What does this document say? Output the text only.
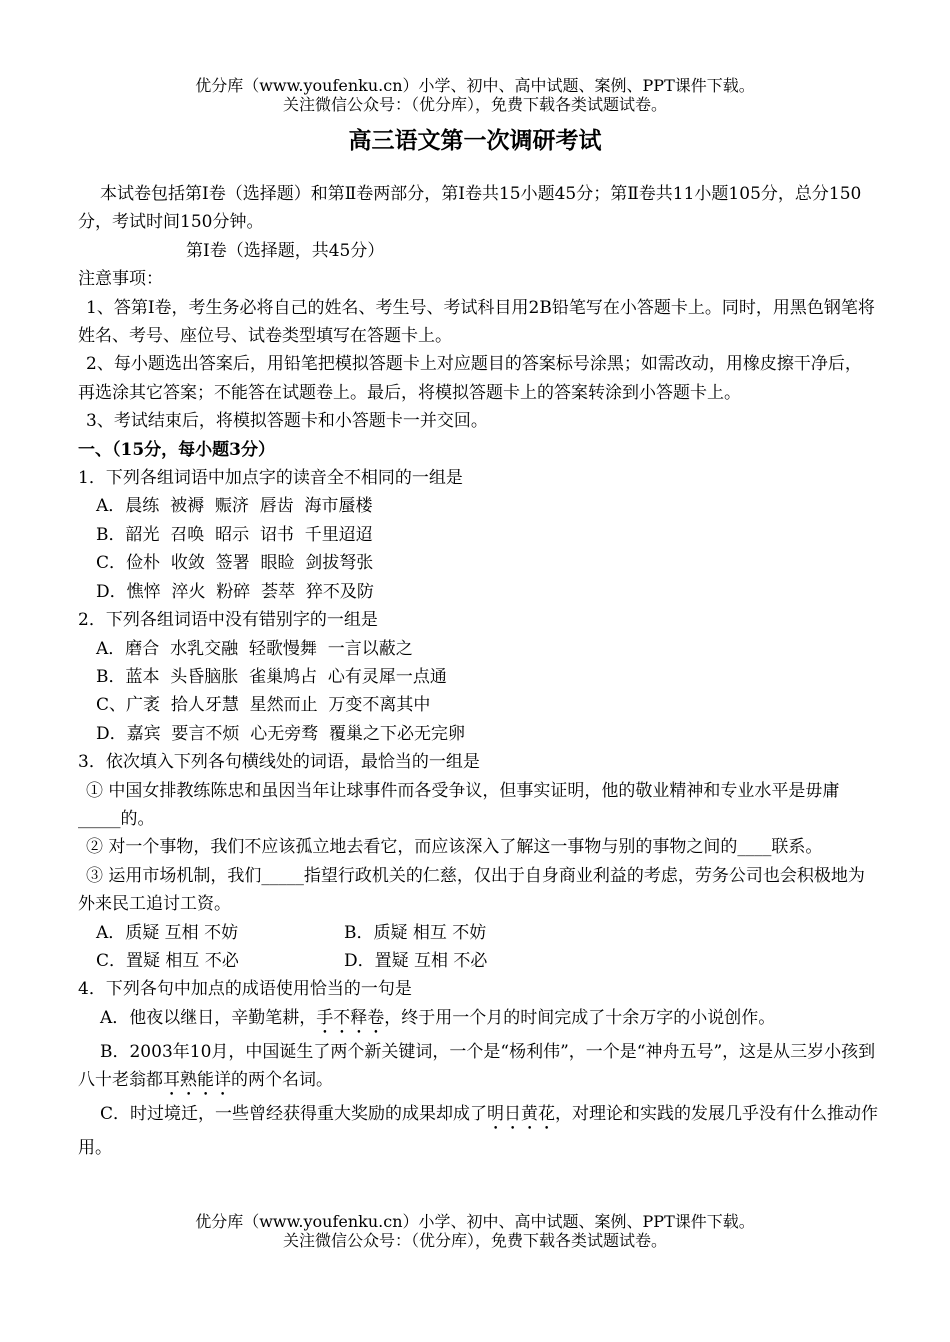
优分库（www.youfenku.cn）小学、初中、高中试题、案例、PPT课件下载。
关注微信公众号：（优分库），免费下载各类试题试卷。
高三语文第一次调研考试

本试卷包括第Ⅰ卷（选择题）和第Ⅱ卷两部分，第Ⅰ卷共15小题45分；第Ⅱ卷共11小题105分，总分150分，考试时间150分钟。

第Ⅰ卷（选择题，共45分）

注意事项：

1、答第I卷，考生务必将自己的姓名、考生号、考试科目用2B铅笔写在小答题卡上。同时，用黑色钢笔将姓名、考号、座位号、试卷类型填写在答题卡上。

2、每小题选出答案后，用铅笔把模拟答题卡上对应题目的答案标号涂黑；如需改动，用橡皮擦干净后，再选涂其它答案；不能答在试题卷上。最后，将模拟答题卡上的答案转涂到小答题卡上。

3、考试结束后，将模拟答题卡和小答题卡一并交回。

一、（15分，每小题3分）

1．下列各组词语中加点字的读音全不相同的一组是

A．晨练 被褥 赈济 唇齿 海市蜃楼

B．韶光 召唤 昭示 诏书 千里迢迢

C．俭朴 收敛 签署 眼睑 剑拔弩张

D．憔悴 淬火 粉碎 荟萃 猝不及防

2．下列各组词语中没有错别字的一组是

A．磨合  水乳交融  轻歌慢舞  一言以蔽之

B．蓝本  头昏脑胀  雀巢鸠占  心有灵犀一点通

C、广袤  拾人牙慧  星然而止  万变不离其中

D．嘉宾  要言不烦  心无旁骛  覆巢之下必无完卵

3．依次填入下列各句横线处的词语，最恰当的一组是

① 中国女排教练陈忠和虽因当年让球事件而各受争议，但事实证明，他的敬业精神和专业水平是毋庸_____的。

② 对一个事物，我们不应该孤立地去看它，而应该深入了解这一事物与别的事物之间的____联系。

③ 运用市场机制，我们_____指望行政机关的仁慈，仅出于自身商业利益的考虑，劳务公司也会积极地为外来民工追讨工资。

A．质疑 互相 不妨	B．质疑 相互 不妨
C．置疑 相互 不必	D．置疑 互相 不必

4．下列各句中加点的成语使用恰当的一句是

A．他夜以继日，辛勤笔耕，手不释卷，终于用一个月的时间完成了十余万字的小说创作。

B．2003年10月，中国诞生了两个新关键词，一个是“杨利伟”，一个是“神舟五号”，这是从三岁小孩到八十老翁都耳熟能详的两个名词。

C．时过境迁，一些曾经获得重大奖励的成果却成了明日黄花，对理论和实践的发展几乎没有什么推动作用。

优分库（www.youfenku.cn）小学、初中、高中试题、案例、PPT课件下载。
关注微信公众号：（优分库），免费下载各类试题试卷。
